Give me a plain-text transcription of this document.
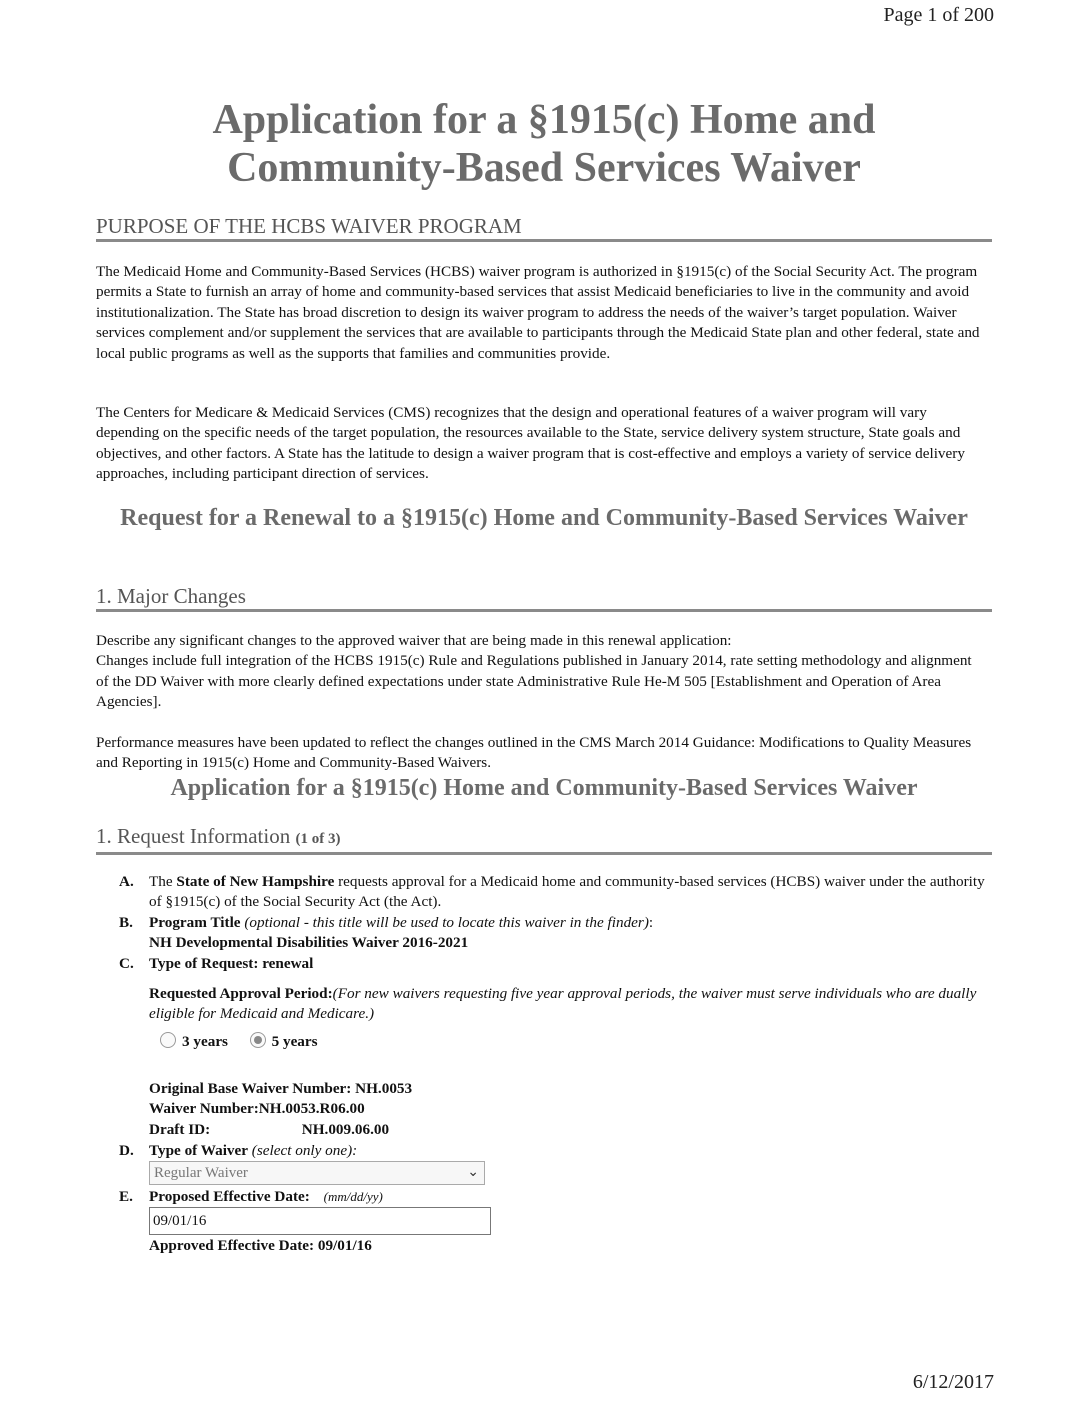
Page 1 of 200
Application for a §1915(c) Home and Community-Based Services Waiver
PURPOSE OF THE HCBS WAIVER PROGRAM

The Medicaid Home and Community-Based Services (HCBS) waiver program is authorized in §1915(c) of the Social Security Act. The program permits a State to furnish an array of home and community-based services that assist Medicaid beneficiaries to live in the community and avoid institutionalization. The State has broad discretion to design its waiver program to address the needs of the waiver’s target population. Waiver services complement and/or supplement the services that are available to participants through the Medicaid State plan and other federal, state and local public programs as well as the supports that families and communities provide.

The Centers for Medicare & Medicaid Services (CMS) recognizes that the design and operational features of a waiver program will vary depending on the specific needs of the target population, the resources available to the State, service delivery system structure, State goals and objectives, and other factors. A State has the latitude to design a waiver program that is cost-effective and employs a variety of service delivery approaches, including participant direction of services.

Request for a Renewal to a §1915(c) Home and Community-Based Services Waiver
1. Major Changes
Describe any significant changes to the approved waiver that are being made in this renewal application:
Changes include full integration of the HCBS 1915(c) Rule and Regulations published in January 2014, rate setting methodology and alignment of the DD Waiver with more clearly defined expectations under state Administrative Rule He-M 505 [Establishment and Operation of Area Agencies].

Performance measures have been updated to reflect the changes outlined in the CMS March 2014 Guidance: Modifications to Quality Measures and Reporting in 1915(c) Home and Community-Based Waivers.

Application for a §1915(c) Home and Community-Based Services Waiver
1. Request Information (1 of 3)
A. The State of New Hampshire requests approval for a Medicaid home and community-based services (HCBS) waiver under the authority of §1915(c) of the Social Security Act (the Act).
B. Program Title (optional - this title will be used to locate this waiver in the finder):
NH Developmental Disabilities Waiver 2016-2021
C. Type of Request: renewal
Requested Approval Period:(For new waivers requesting five year approval periods, the waiver must serve individuals who are dually eligible for Medicaid and Medicare.)
3 years	5 years
Original Base Waiver Number: NH.0053
Waiver Number:NH.0053.R06.00
Draft ID:	NH.009.06.00
D. Type of Waiver (select only one):
Regular Waiver	⌄
E. Proposed Effective Date: (mm/dd/yy)
09/01/16
Approved Effective Date: 09/01/16
6/12/2017
